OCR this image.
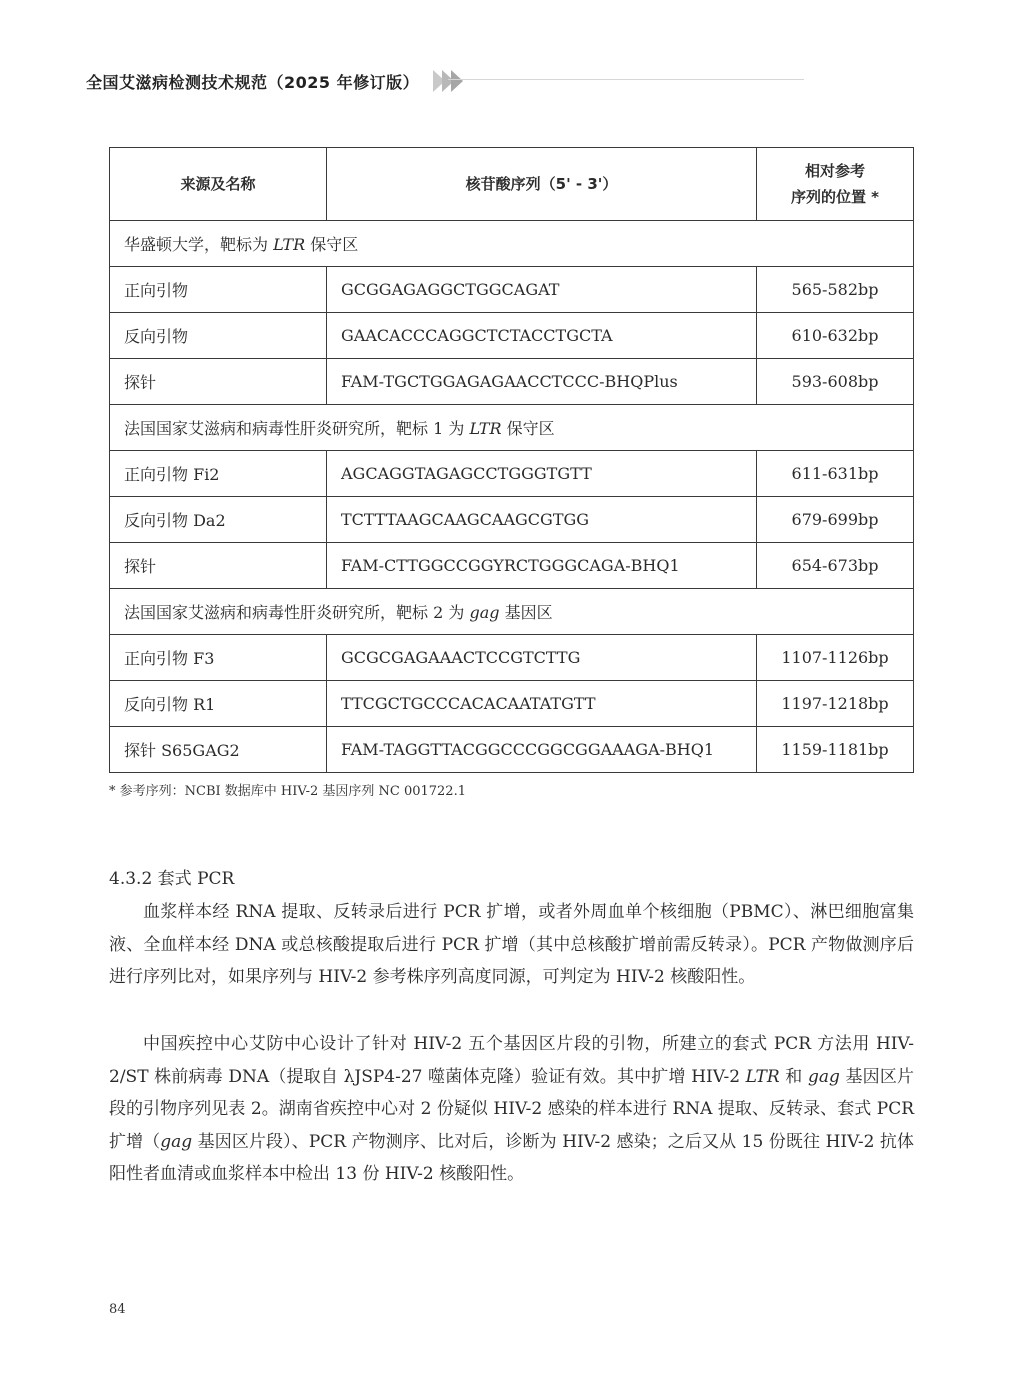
全国艾滋病检测技术规范（2025 年修订版）
来源及名称	核苷酸序列（5' - 3'）	相对参考
序列的位置 *
华盛顿大学，靶标为 LTR 保守区		
正向引物	GCGGAGAGGCTGGCAGAT	565-582bp
反向引物	GAACACCCAGGCTCTACCTGCTA	610-632bp
探针	FAM-TGCTGGAGAGAACCTCCC-BHQPlus	593-608bp
法国国家艾滋病和病毒性肝炎研究所，靶标 1 为 LTR 保守区		
正向引物 Fi2	AGCAGGTAGAGCCTGGGTGTT	611-631bp
反向引物 Da2	TCTTTAAGCAAGCAAGCGTGG	679-699bp
探针	FAM-CTTGGCCGGYRCTGGGCAGA-BHQ1	654-673bp
法国国家艾滋病和病毒性肝炎研究所，靶标 2 为 gag 基因区		
正向引物 F3	GCGCGAGAAACTCCGTCTTG	1107-1126bp
反向引物 R1	TTCGCTGCCCACACAATATGTT	1197-1218bp
探针 S65GAG2	FAM-TAGGTTACGGCCCGGCGGAAAGA-BHQ1	1159-1181bp
* 参考序列：NCBI 数据库中 HIV-2 基因序列 NC 001722.1
4.3.2 套式 PCR

血浆样本经 RNA 提取、反转录后进行 PCR 扩增，或者外周血单个核细胞（PBMC）、淋巴细胞富集液、全血样本经 DNA 或总核酸提取后进行 PCR 扩增（其中总核酸扩增前需反转录）。PCR 产物做测序后进行序列比对，如果序列与 HIV-2 参考株序列高度同源，可判定为 HIV-2 核酸阳性。

中国疾控中心艾防中心设计了针对 HIV-2 五个基因区片段的引物，所建立的套式 PCR 方法用 HIV-2/ST 株前病毒 DNA（提取自 λJSP4-27 噬菌体克隆）验证有效。其中扩增 HIV-2 LTR 和 gag 基因区片段的引物序列见表 2。湖南省疾控中心对 2 份疑似 HIV-2 感染的样本进行 RNA 提取、反转录、套式 PCR 扩增（gag 基因区片段）、PCR 产物测序、比对后，诊断为 HIV-2 感染；之后又从 15 份既往 HIV-2 抗体阳性者血清或血浆样本中检出 13 份 HIV-2 核酸阳性。

84
